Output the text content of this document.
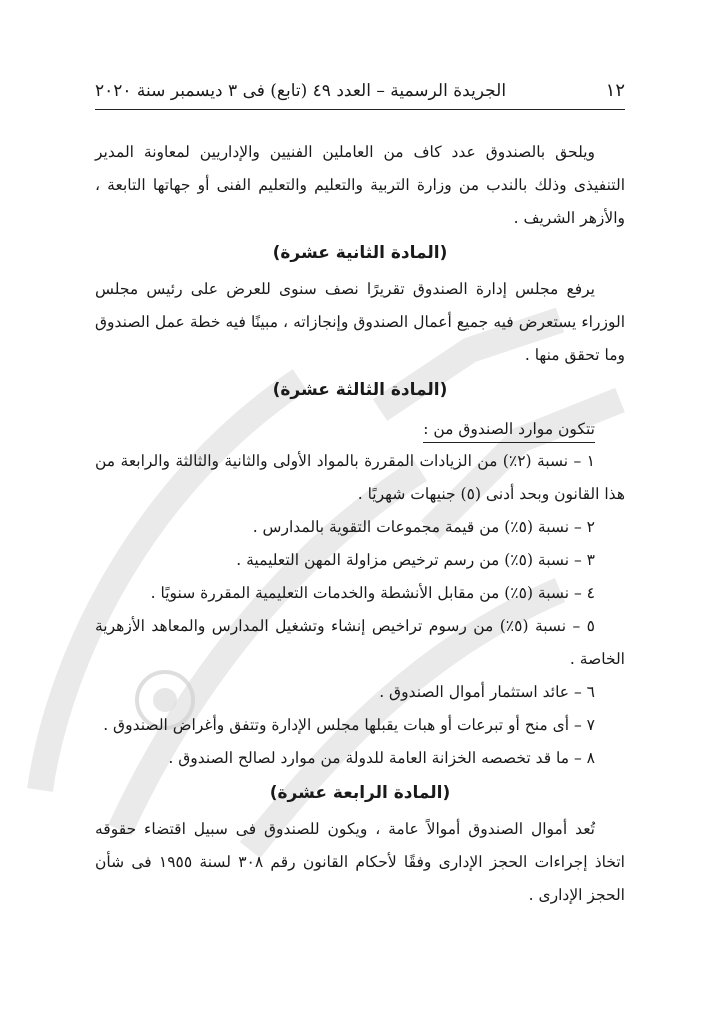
١٢
الجريدة الرسمية – العدد ٤٩ (تابع) فى ٣ ديسمبر سنة ٢٠٢٠

ويلحق بالصندوق عدد كاف من العاملين الفنيين والإداريين لمعاونة المدير التنفيذى وذلك بالندب من وزارة التربية والتعليم والتعليم الفنى أو جهاتها التابعة ، والأزهر الشريف .

(المادة الثانية عشرة)

يرفع مجلس إدارة الصندوق تقريرًا نصف سنوى للعرض على رئيس مجلس الوزراء يستعرض فيه جميع أعمال الصندوق وإنجازاته ، مبينًا فيه خطة عمل الصندوق وما تحقق منها .

(المادة الثالثة عشرة)
تتكون موارد الصندوق من :

١ – نسبة (٢٪) من الزيادات المقررة بالمواد الأولى والثانية والثالثة والرابعة من هذا القانون وبحد أدنى (٥) جنيهات شهريًا .

٢ – نسبة (٥٪) من قيمة مجموعات التقوية بالمدارس .

٣ – نسبة (٥٪) من رسم ترخيص مزاولة المهن التعليمية .

٤ – نسبة (٥٪) من مقابل الأنشطة والخدمات التعليمية المقررة سنويًا .

٥ – نسبة (٥٪) من رسوم تراخيص إنشاء وتشغيل المدارس والمعاهد الأزهرية الخاصة .

٦ – عائد استثمار أموال الصندوق .

٧ – أى منح أو تبرعات أو هبات يقبلها مجلس الإدارة وتتفق وأغراض الصندوق .

٨ – ما قد تخصصه الخزانة العامة للدولة من موارد لصالح الصندوق .

(المادة الرابعة عشرة)

تُعد أموال الصندوق أموالاً عامة ، ويكون للصندوق فى سبيل اقتضاء حقوقه اتخاذ إجراءات الحجز الإدارى وفقًا لأحكام القانون رقم ٣٠٨ لسنة ١٩٥٥ فى شأن الحجز الإدارى .
